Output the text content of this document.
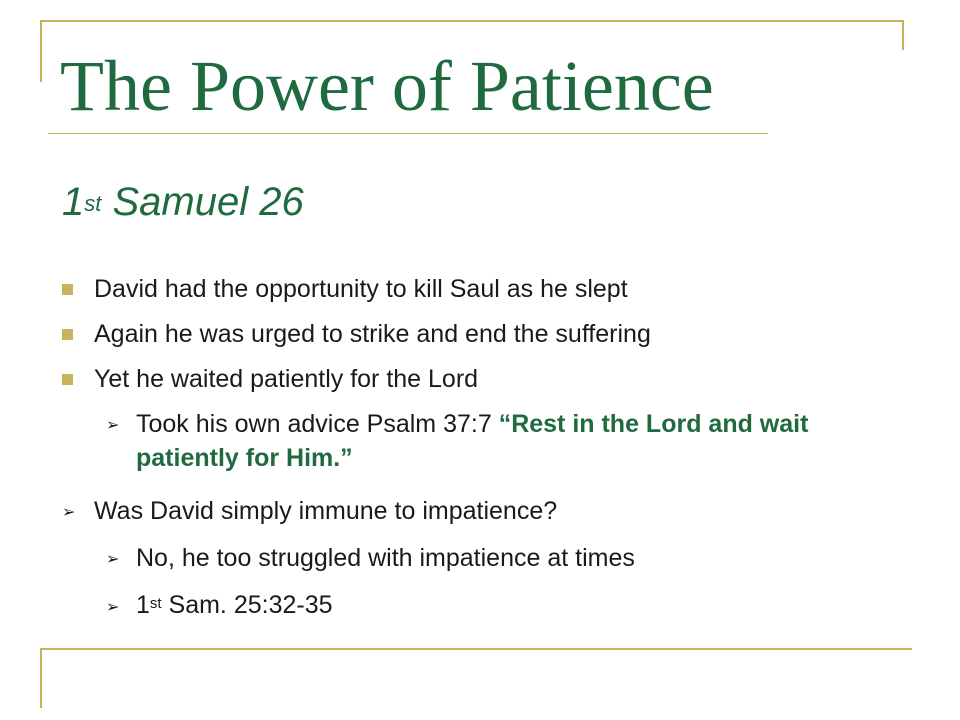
The Power of Patience
1st Samuel 26
David had the opportunity to kill Saul as he slept
Again he was urged to strike and end the suffering
Yet he waited patiently for the Lord
➢ Took his own advice Psalm 37:7 “Rest in the Lord and wait patiently for Him.”
➢ Was David simply immune to impatience?
➢ No, he too struggled with impatience at times
➢ 1st Sam. 25:32-35
